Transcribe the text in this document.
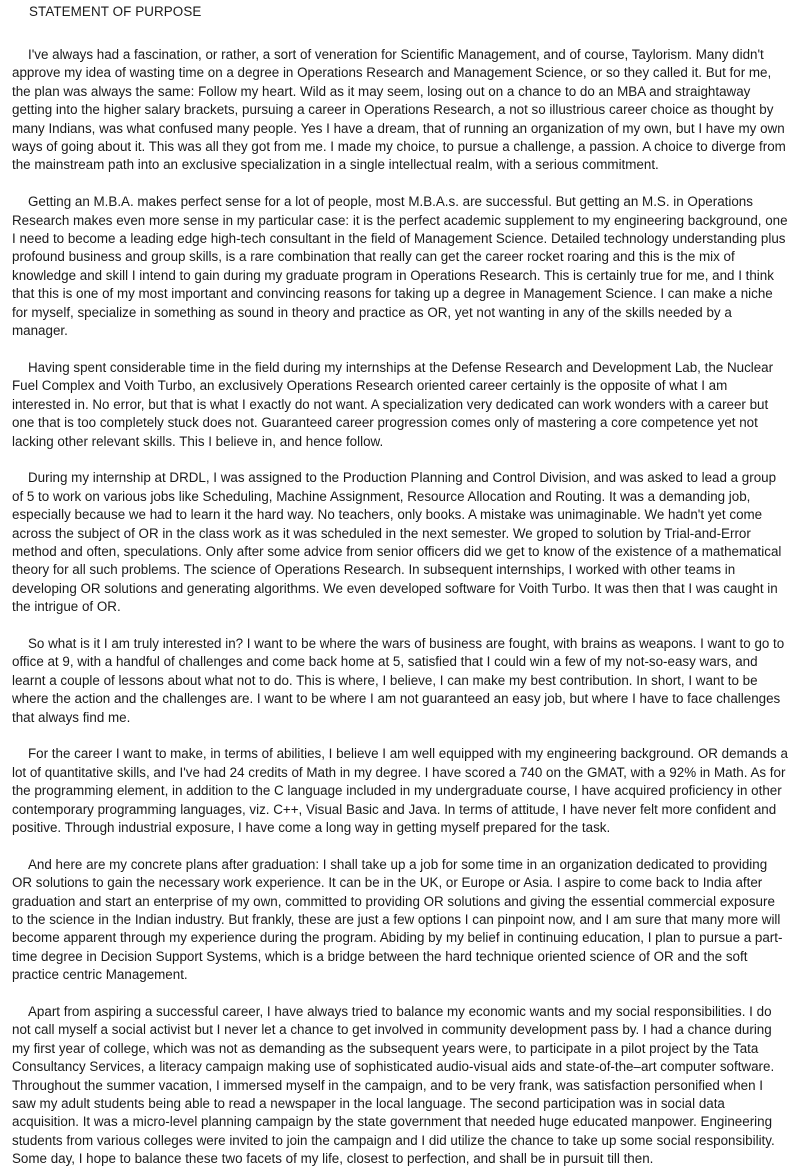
STATEMENT OF PURPOSE

I've always had a fascination, or rather, a sort of veneration for Scientific Management, and of course, Taylorism. Many didn't approve my idea of wasting time on a degree in Operations Research and Management Science, or so they called it. But for me, the plan was always the same: Follow my heart. Wild as it may seem, losing out on a chance to do an MBA and straightaway getting into the higher salary brackets, pursuing a career in Operations Research, a not so illustrious career choice as thought by many Indians, was what confused many people. Yes I have a dream, that of running an organization of my own, but I have my own ways of going about it. This was all they got from me. I made my choice, to pursue a challenge, a passion. A choice to diverge from the mainstream path into an exclusive specialization in a single intellectual realm, with a serious commitment.

Getting an M.B.A. makes perfect sense for a lot of people, most M.B.A.s. are successful. But getting an M.S. in Operations Research makes even more sense in my particular case: it is the perfect academic supplement to my engineering background, one I need to become a leading edge high-tech consultant in the field of Management Science. Detailed technology understanding plus profound business and group skills, is a rare combination that really can get the career rocket roaring and this is the mix of knowledge and skill I intend to gain during my graduate program in Operations Research. This is certainly true for me, and I think that this is one of my most important and convincing reasons for taking up a degree in Management Science. I can make a niche for myself, specialize in something as sound in theory and practice as OR, yet not wanting in any of the skills needed by a manager.

Having spent considerable time in the field during my internships at the Defense Research and Development Lab, the Nuclear Fuel Complex and Voith Turbo, an exclusively Operations Research oriented career certainly is the opposite of what I am interested in. No error, but that is what I exactly do not want. A specialization very dedicated can work wonders with a career but one that is too completely stuck does not. Guaranteed career progression comes only of mastering a core competence yet not lacking other relevant skills. This I believe in, and hence follow.

During my internship at DRDL, I was assigned to the Production Planning and Control Division, and was asked to lead a group of 5 to work on various jobs like Scheduling, Machine Assignment, Resource Allocation and Routing. It was a demanding job, especially because we had to learn it the hard way. No teachers, only books. A mistake was unimaginable. We hadn't yet come across the subject of OR in the class work as it was scheduled in the next semester. We groped to solution by Trial-and-Error method and often, speculations. Only after some advice from senior officers did we get to know of the existence of a mathematical theory for all such problems. The science of Operations Research. In subsequent internships, I worked with other teams in developing OR solutions and generating algorithms. We even developed software for Voith Turbo. It was then that I was caught in the intrigue of OR.

So what is it I am truly interested in? I want to be where the wars of business are fought, with brains as weapons. I want to go to office at 9, with a handful of challenges and come back home at 5, satisfied that I could win a few of my not-so-easy wars, and learnt a couple of lessons about what not to do. This is where, I believe, I can make my best contribution. In short, I want to be where the action and the challenges are. I want to be where I am not guaranteed an easy job, but where I have to face challenges that always find me.

For the career I want to make, in terms of abilities, I believe I am well equipped with my engineering background. OR demands a lot of quantitative skills, and I've had 24 credits of Math in my degree. I have scored a 740 on the GMAT, with a 92% in Math. As for the programming element, in addition to the C language included in my undergraduate course, I have acquired proficiency in other contemporary programming languages, viz. C++, Visual Basic and Java. In terms of attitude, I have never felt more confident and positive. Through industrial exposure, I have come a long way in getting myself prepared for the task.

And here are my concrete plans after graduation: I shall take up a job for some time in an organization dedicated to providing OR solutions to gain the necessary work experience. It can be in the UK, or Europe or Asia. I aspire to come back to India after graduation and start an enterprise of my own, committed to providing OR solutions and giving the essential commercial exposure to the science in the Indian industry. But frankly, these are just a few options I can pinpoint now, and I am sure that many more will become apparent through my experience during the program. Abiding by my belief in continuing education, I plan to pursue a part-time degree in Decision Support Systems, which is a bridge between the hard technique oriented science of OR and the soft practice centric Management.

Apart from aspiring a successful career, I have always tried to balance my economic wants and my social responsibilities. I do not call myself a social activist but I never let a chance to get involved in community development pass by. I had a chance during my first year of college, which was not as demanding as the subsequent years were, to participate in a pilot project by the Tata Consultancy Services, a literacy campaign making use of sophisticated audio-visual aids and state-of-the–art computer software. Throughout the summer vacation, I immersed myself in the campaign, and to be very frank, was satisfaction personified when I saw my adult students being able to read a newspaper in the local language. The second participation was in social data acquisition. It was a micro-level planning campaign by the state government that needed huge educated manpower. Engineering students from various colleges were invited to join the campaign and I did utilize the chance to take up some social responsibility. Some day, I hope to balance these two facets of my life, closest to perfection, and shall be in pursuit till then.
